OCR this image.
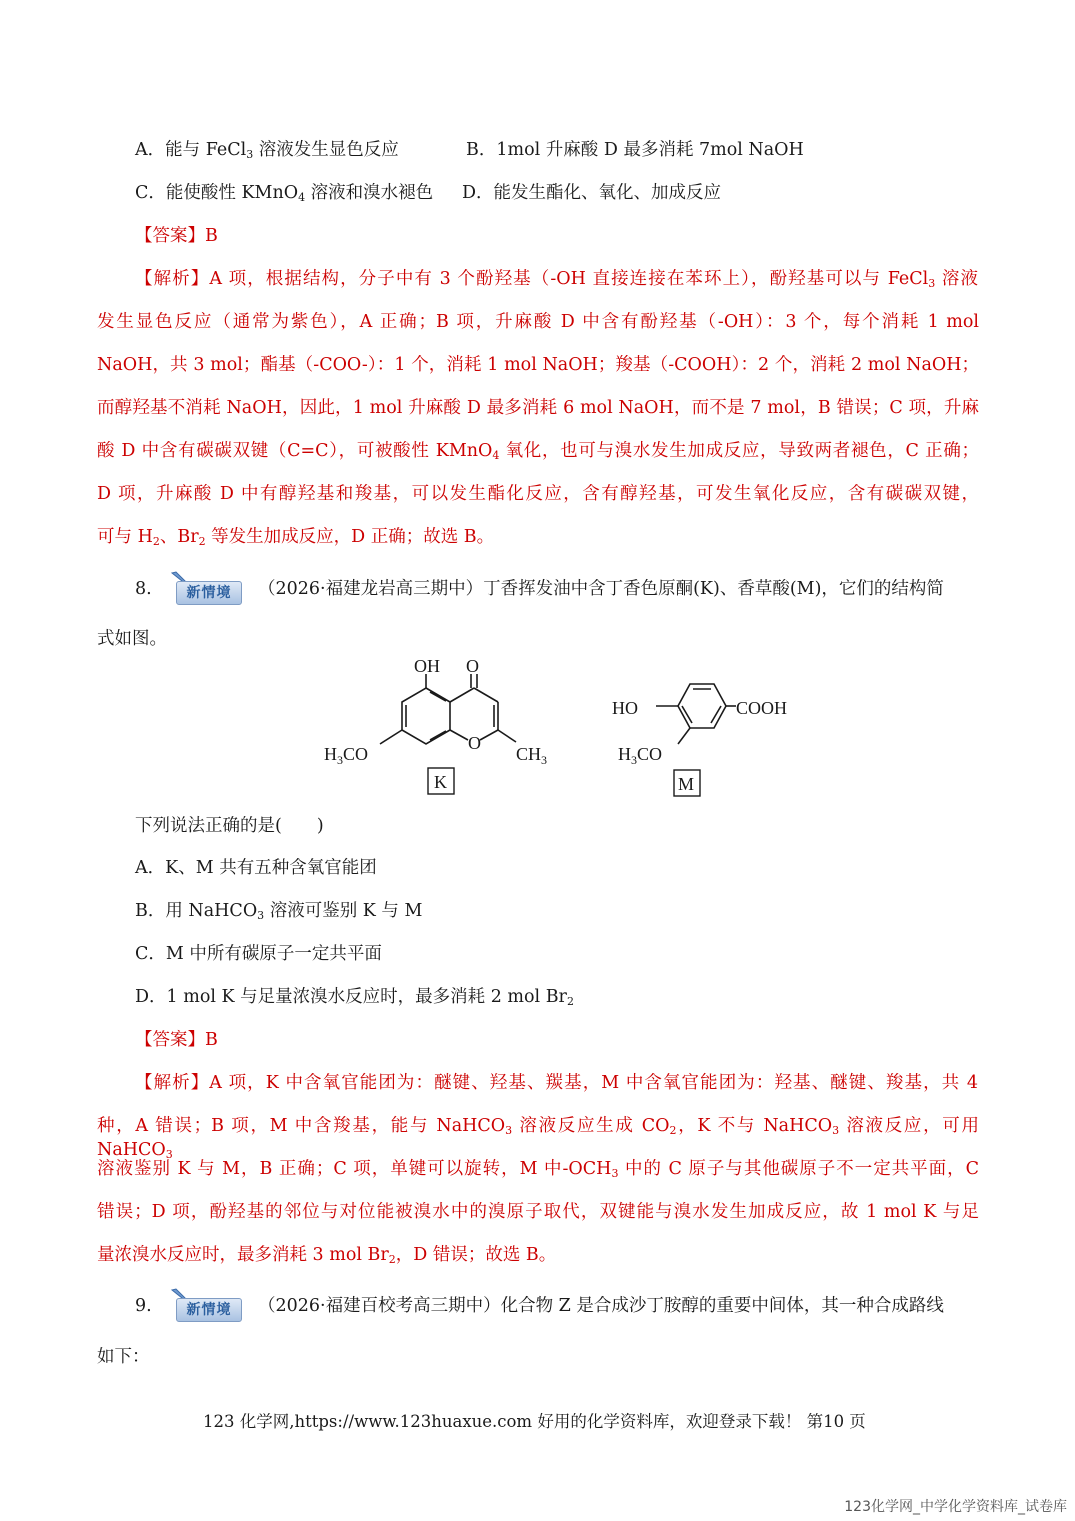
A．能与 FeCl$_3$ 溶液发生显色反应	B．1mol 升麻酸 D 最多消耗 7mol NaOH
C．能使酸性 KMnO$_4$ 溶液和溴水褪色 D．能发生酯化、氧化、加成反应
【答案】B
【解析】A 项，根据结构，分子中有 3 个酚羟基（-OH 直接连接在苯环上），酚羟基可以与 FeCl$_3$ 溶液
发生显色反应（通常为紫色），A 正确；B 项，升麻酸 D 中含有酚羟基（-OH）：3 个，每个消耗 1 mol
NaOH，共 3 mol；酯基（-COO-）：1 个，消耗 1 mol NaOH；羧基（-COOH）：2 个，消耗 2 mol NaOH；
而醇羟基不消耗 NaOH，因此，1 mol 升麻酸 D 最多消耗 6 mol NaOH，而不是 7 mol，B 错误；C 项，升麻
酸 D 中含有碳碳双键（C=C），可被酸性 KMnO$_4$ 氧化，也可与溴水发生加成反应，导致两者褪色，C 正确；
D 项，升麻酸 D 中有醇羟基和羧基，可以发生酯化反应，含有醇羟基，可发生氧化反应，含有碳碳双键，
可与 $H_2$、$Br_2$ 等发生加成反应，D 正确；故选 B。
8.	新情境	（2026·福建龙岩高三期中）丁香挥发油中含丁香色原酮(K)、香草酸(M)，它们的结构简
式如图。
OH O
O
$H_3CO$	$CH_3$
K
HO	COOH
$H_3CO$
M
下列说法正确的是(　　)
A．K、M 共有五种含氧官能团
B．用 NaHCO$_3$ 溶液可鉴别 K 与 M
C．M 中所有碳原子一定共平面
D．1 mol K 与足量浓溴水反应时，最多消耗 2 mol $Br_2$
【答案】B
【解析】A 项，K 中含氧官能团为：醚键、羟基、羰基，M 中含氧官能团为：羟基、醚键、羧基，共 4
种，A 错误；B 项，M 中含羧基，能与 NaHCO$_3$ 溶液反应生成 $CO_2$，K 不与 NaHCO$_3$ 溶液反应，可用 NaHCO$_3$
溶液鉴别 K 与 M，B 正确；C 项，单键可以旋转，M 中$-OCH_3$ 中的 C 原子与其他碳原子不一定共平面，C
错误；D 项，酚羟基的邻位与对位能被溴水中的溴原子取代，双键能与溴水发生加成反应，故 1 mol K 与足
量浓溴水反应时，最多消耗 3 mol $Br_2$，D 错误；故选 B。
9.	新情境	（2026·福建百校考高三期中）化合物 Z 是合成沙丁胺醇的重要中间体，其一种合成路线
如下：
123 化学网,https://www.123huaxue.com 好用的化学资料库，欢迎登录下载！ 第10 页
123化学网_中学化学资料库_试卷库
